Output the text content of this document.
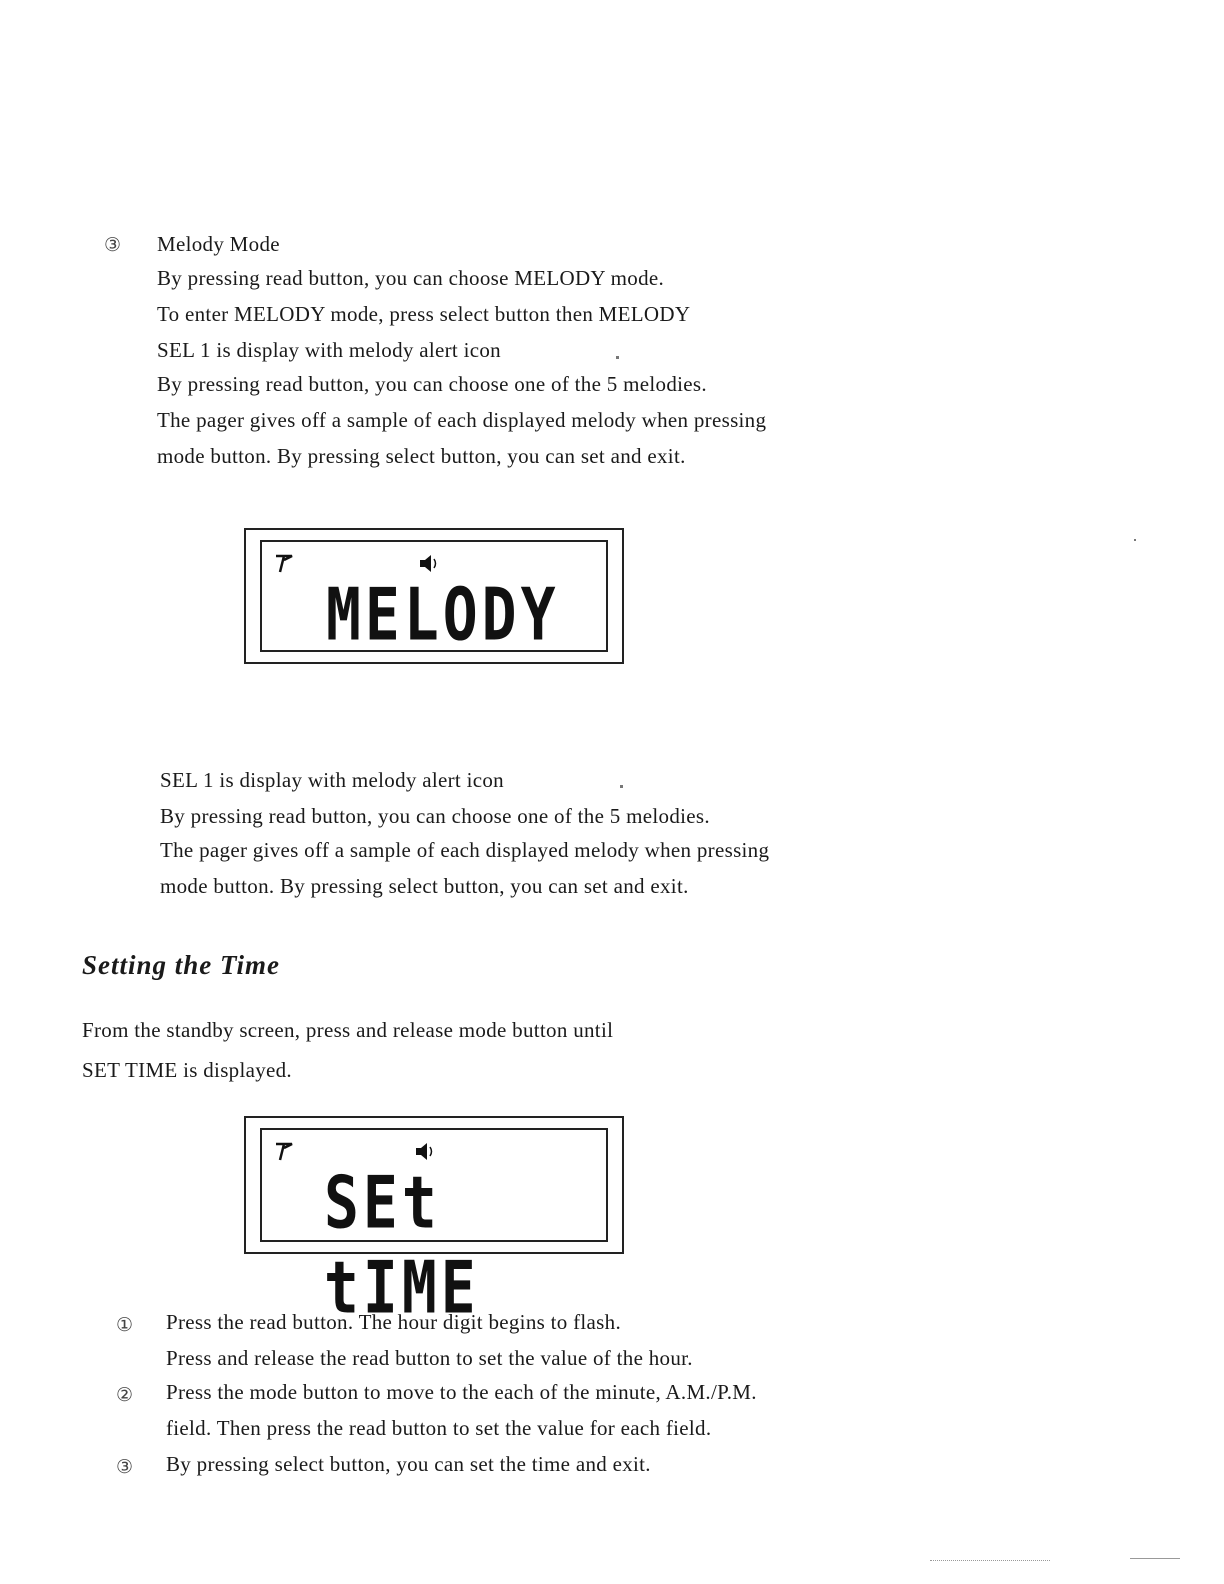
③ Melody Mode
By pressing read button, you can choose MELODY mode.
To enter MELODY mode, press select button then MELODY
SEL 1 is display with melody alert icon
By pressing read button, you can choose one of the 5 melodies.
The pager gives off a sample of each displayed melody when pressing
mode button. By pressing select button, you can set and exit.
MELODY
SEL 1 is display with melody alert icon
By pressing read button, you can choose one of the 5 melodies.
The pager gives off a sample of each displayed melody when pressing
mode button. By pressing select button, you can set and exit.
Setting the Time
From the standby screen, press and release mode button until
SET TIME is displayed.
SEt tIME
① Press the read button. The hour digit begins to flash.
Press and release the read button to set the value of the hour.
② Press the mode button to move to the each of the minute, A.M./P.M.
field. Then press the read button to set the value for each field.
③ By pressing select button, you can set the time and exit.
